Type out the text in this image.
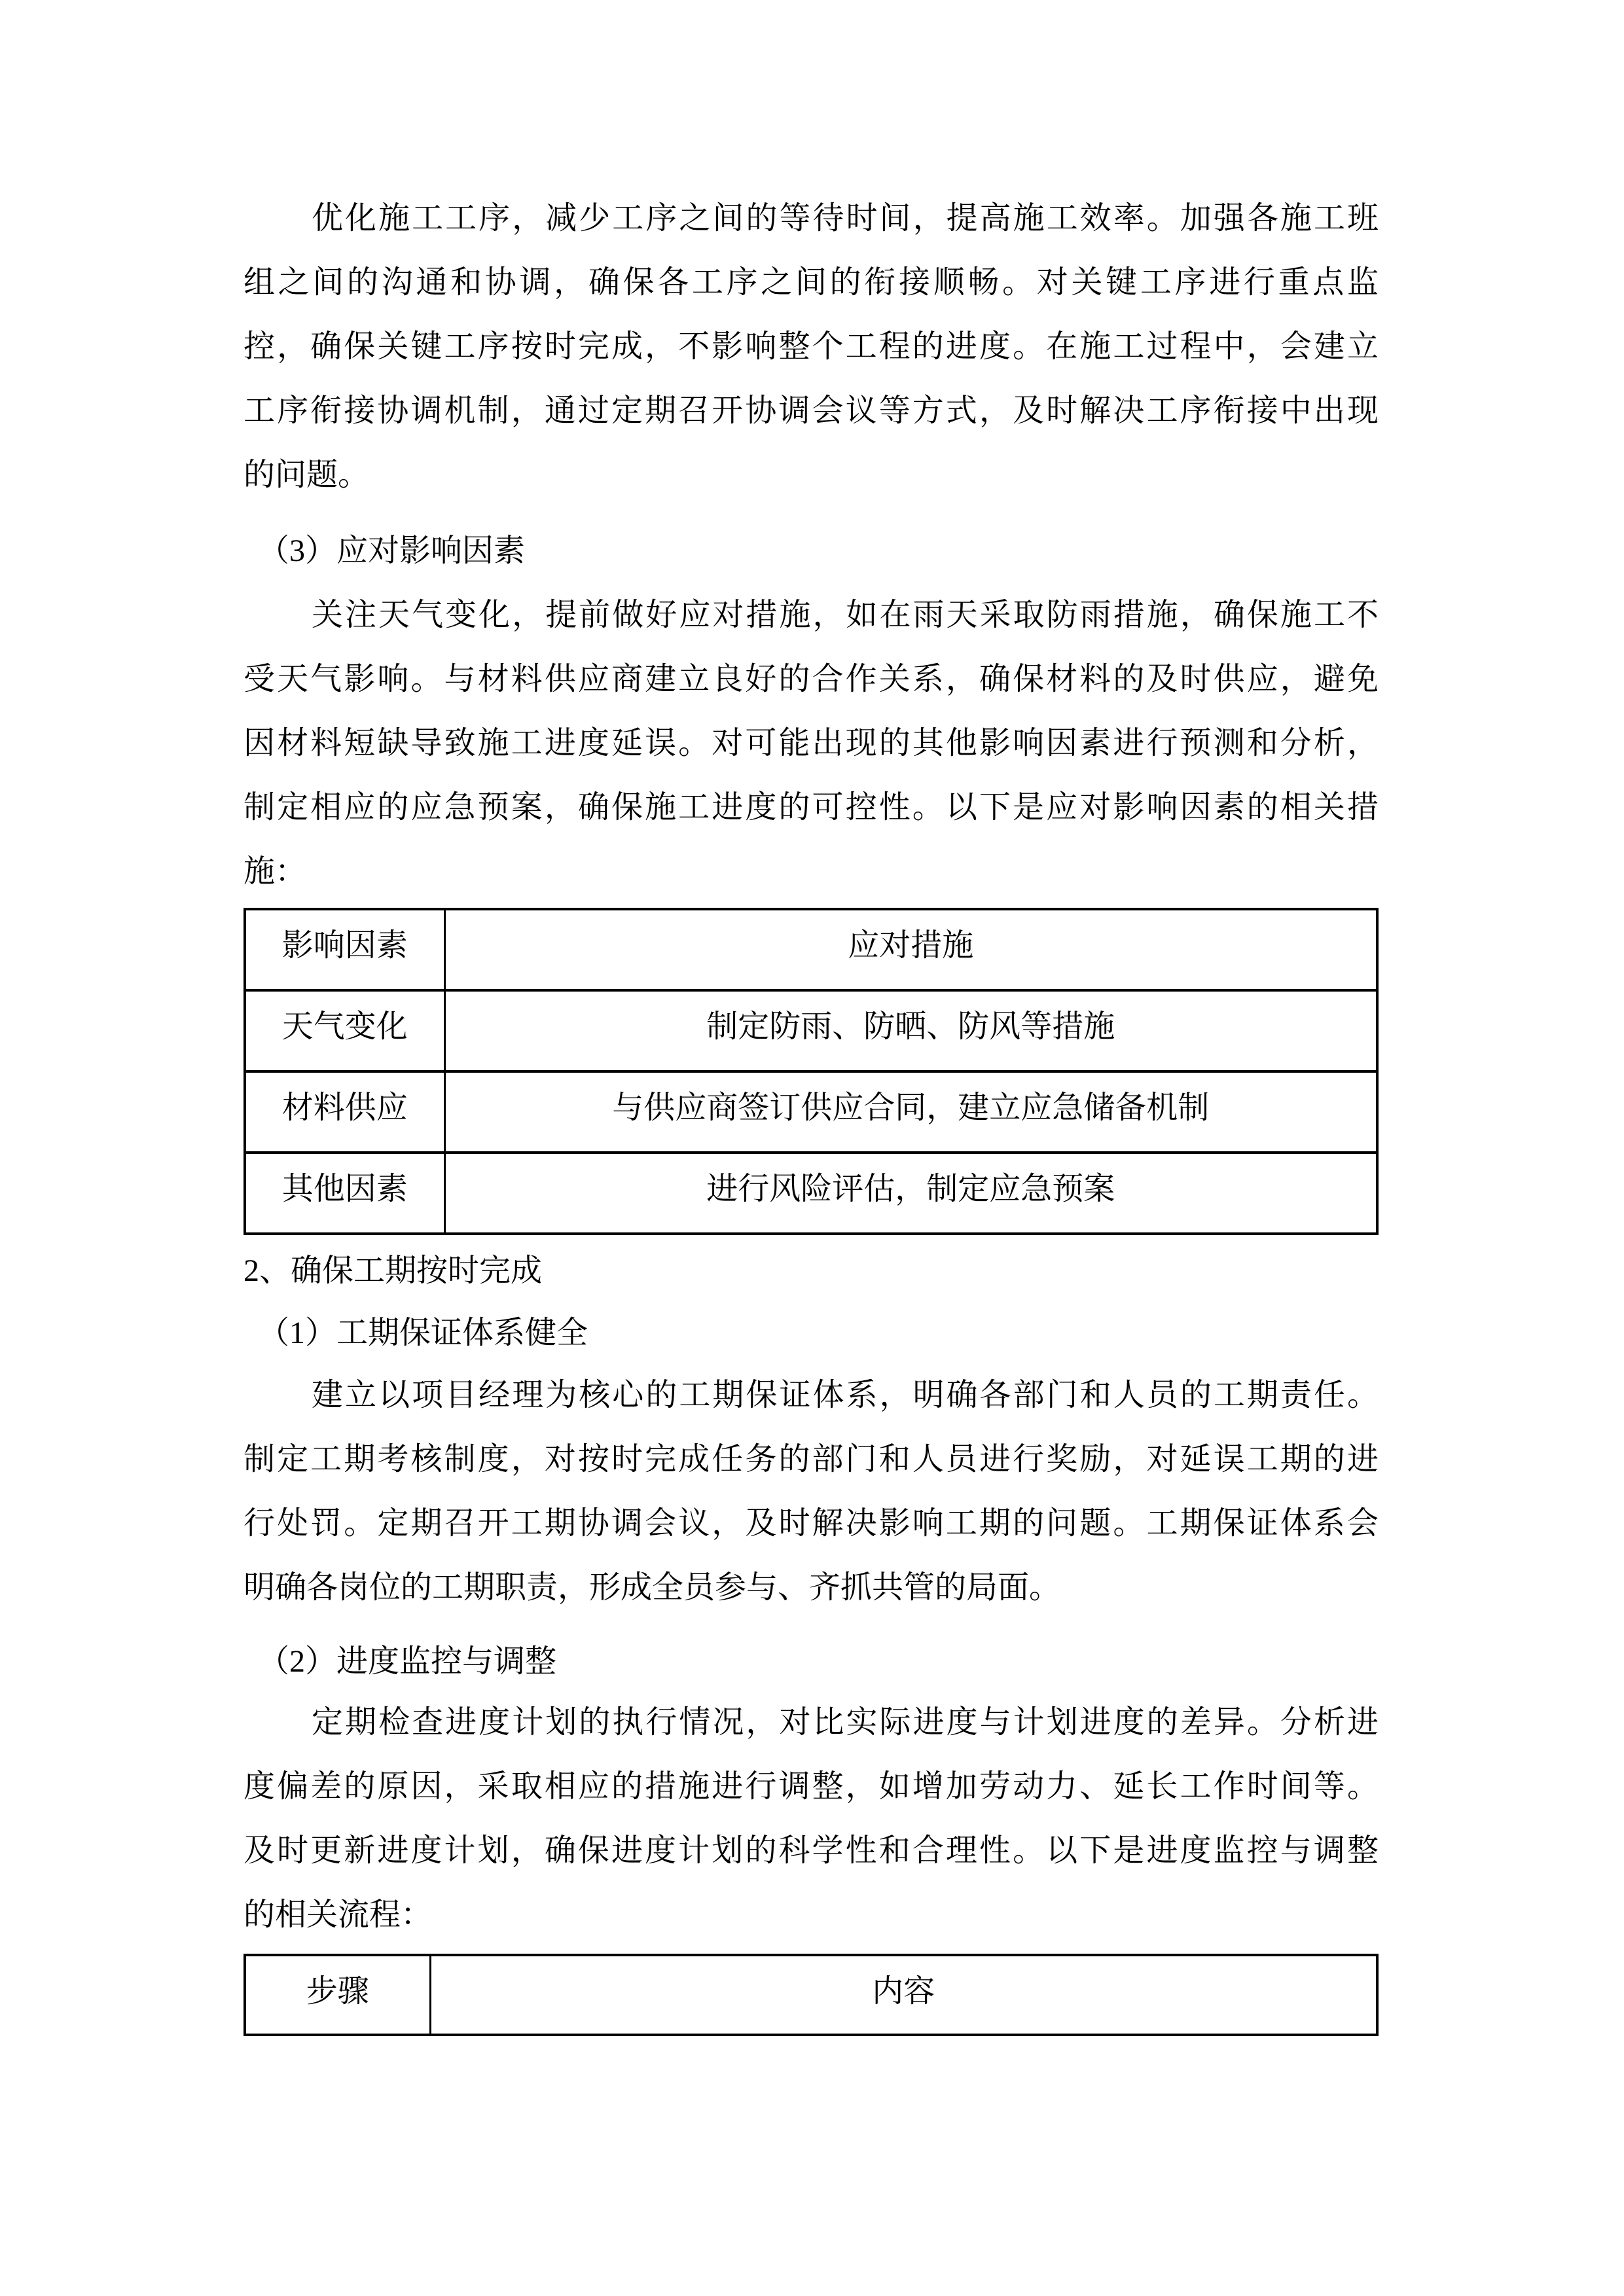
优化施工工序，减少工序之间的等待时间，提高施工效率。加强各施工班
组之间的沟通和协调，确保各工序之间的衔接顺畅。对关键工序进行重点监
控，确保关键工序按时完成，不影响整个工程的进度。在施工过程中，会建立
工序衔接协调机制，通过定期召开协调会议等方式，及时解决工序衔接中出现
的问题。
（3）应对影响因素
关注天气变化，提前做好应对措施，如在雨天采取防雨措施，确保施工不
受天气影响。与材料供应商建立良好的合作关系，确保材料的及时供应，避免
因材料短缺导致施工进度延误。对可能出现的其他影响因素进行预测和分析，
制定相应的应急预案，确保施工进度的可控性。以下是应对影响因素的相关措
施：
影响因素	应对措施
天气变化	制定防雨、防晒、防风等措施
材料供应	与供应商签订供应合同，建立应急储备机制
其他因素	进行风险评估，制定应急预案
2、确保工期按时完成
（1）工期保证体系健全
建立以项目经理为核心的工期保证体系，明确各部门和人员的工期责任。
制定工期考核制度，对按时完成任务的部门和人员进行奖励，对延误工期的进
行处罚。定期召开工期协调会议，及时解决影响工期的问题。工期保证体系会
明确各岗位的工期职责，形成全员参与、齐抓共管的局面。
（2）进度监控与调整
定期检查进度计划的执行情况，对比实际进度与计划进度的差异。分析进
度偏差的原因，采取相应的措施进行调整，如增加劳动力、延长工作时间等。
及时更新进度计划，确保进度计划的科学性和合理性。以下是进度监控与调整
的相关流程：
步骤	内容
